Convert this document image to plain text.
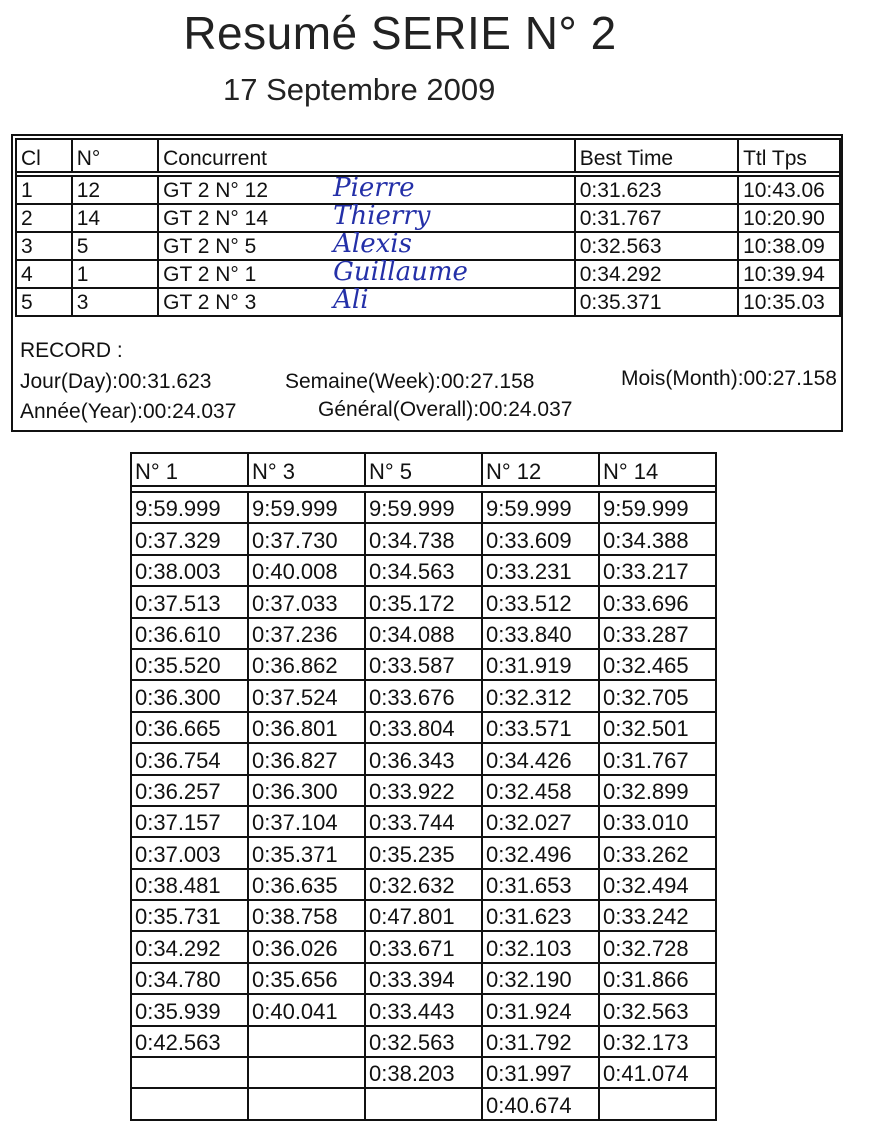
Resumé SERIE N° 2
17 Septembre 2009
Cl	N°	Concurrent	Best Time	Ttl Tps

1	12	GT 2 N° 12 Pierre	0:31.623	10:43.06
2	14	GT 2 N° 14 Thierry	0:31.767	10:20.90
3	5	GT 2 N° 5 Alexis	0:32.563	10:38.09
4	1	GT 2 N° 1 Guillaume	0:34.292	10:39.94
5	3	GT 2 N° 3 Ali	0:35.371	10:35.03
RECORD :
Jour(Day):00:31.623	Semaine(Week):00:27.158	Mois(Month):00:27.158
Année(Year):00:24.037	Général(Overall):00:24.037
N° 1	N° 3	N° 5	N° 12	N° 14

9:59.999	9:59.999	9:59.999	9:59.999	9:59.999
0:37.329	0:37.730	0:34.738	0:33.609	0:34.388
0:38.003	0:40.008	0:34.563	0:33.231	0:33.217
0:37.513	0:37.033	0:35.172	0:33.512	0:33.696
0:36.610	0:37.236	0:34.088	0:33.840	0:33.287
0:35.520	0:36.862	0:33.587	0:31.919	0:32.465
0:36.300	0:37.524	0:33.676	0:32.312	0:32.705
0:36.665	0:36.801	0:33.804	0:33.571	0:32.501
0:36.754	0:36.827	0:36.343	0:34.426	0:31.767
0:36.257	0:36.300	0:33.922	0:32.458	0:32.899
0:37.157	0:37.104	0:33.744	0:32.027	0:33.010
0:37.003	0:35.371	0:35.235	0:32.496	0:33.262
0:38.481	0:36.635	0:32.632	0:31.653	0:32.494
0:35.731	0:38.758	0:47.801	0:31.623	0:33.242
0:34.292	0:36.026	0:33.671	0:32.103	0:32.728
0:34.780	0:35.656	0:33.394	0:32.190	0:31.866
0:35.939	0:40.041	0:33.443	0:31.924	0:32.563
0:42.563		0:32.563	0:31.792	0:32.173
		0:38.203	0:31.997	0:41.074
			0:40.674	
